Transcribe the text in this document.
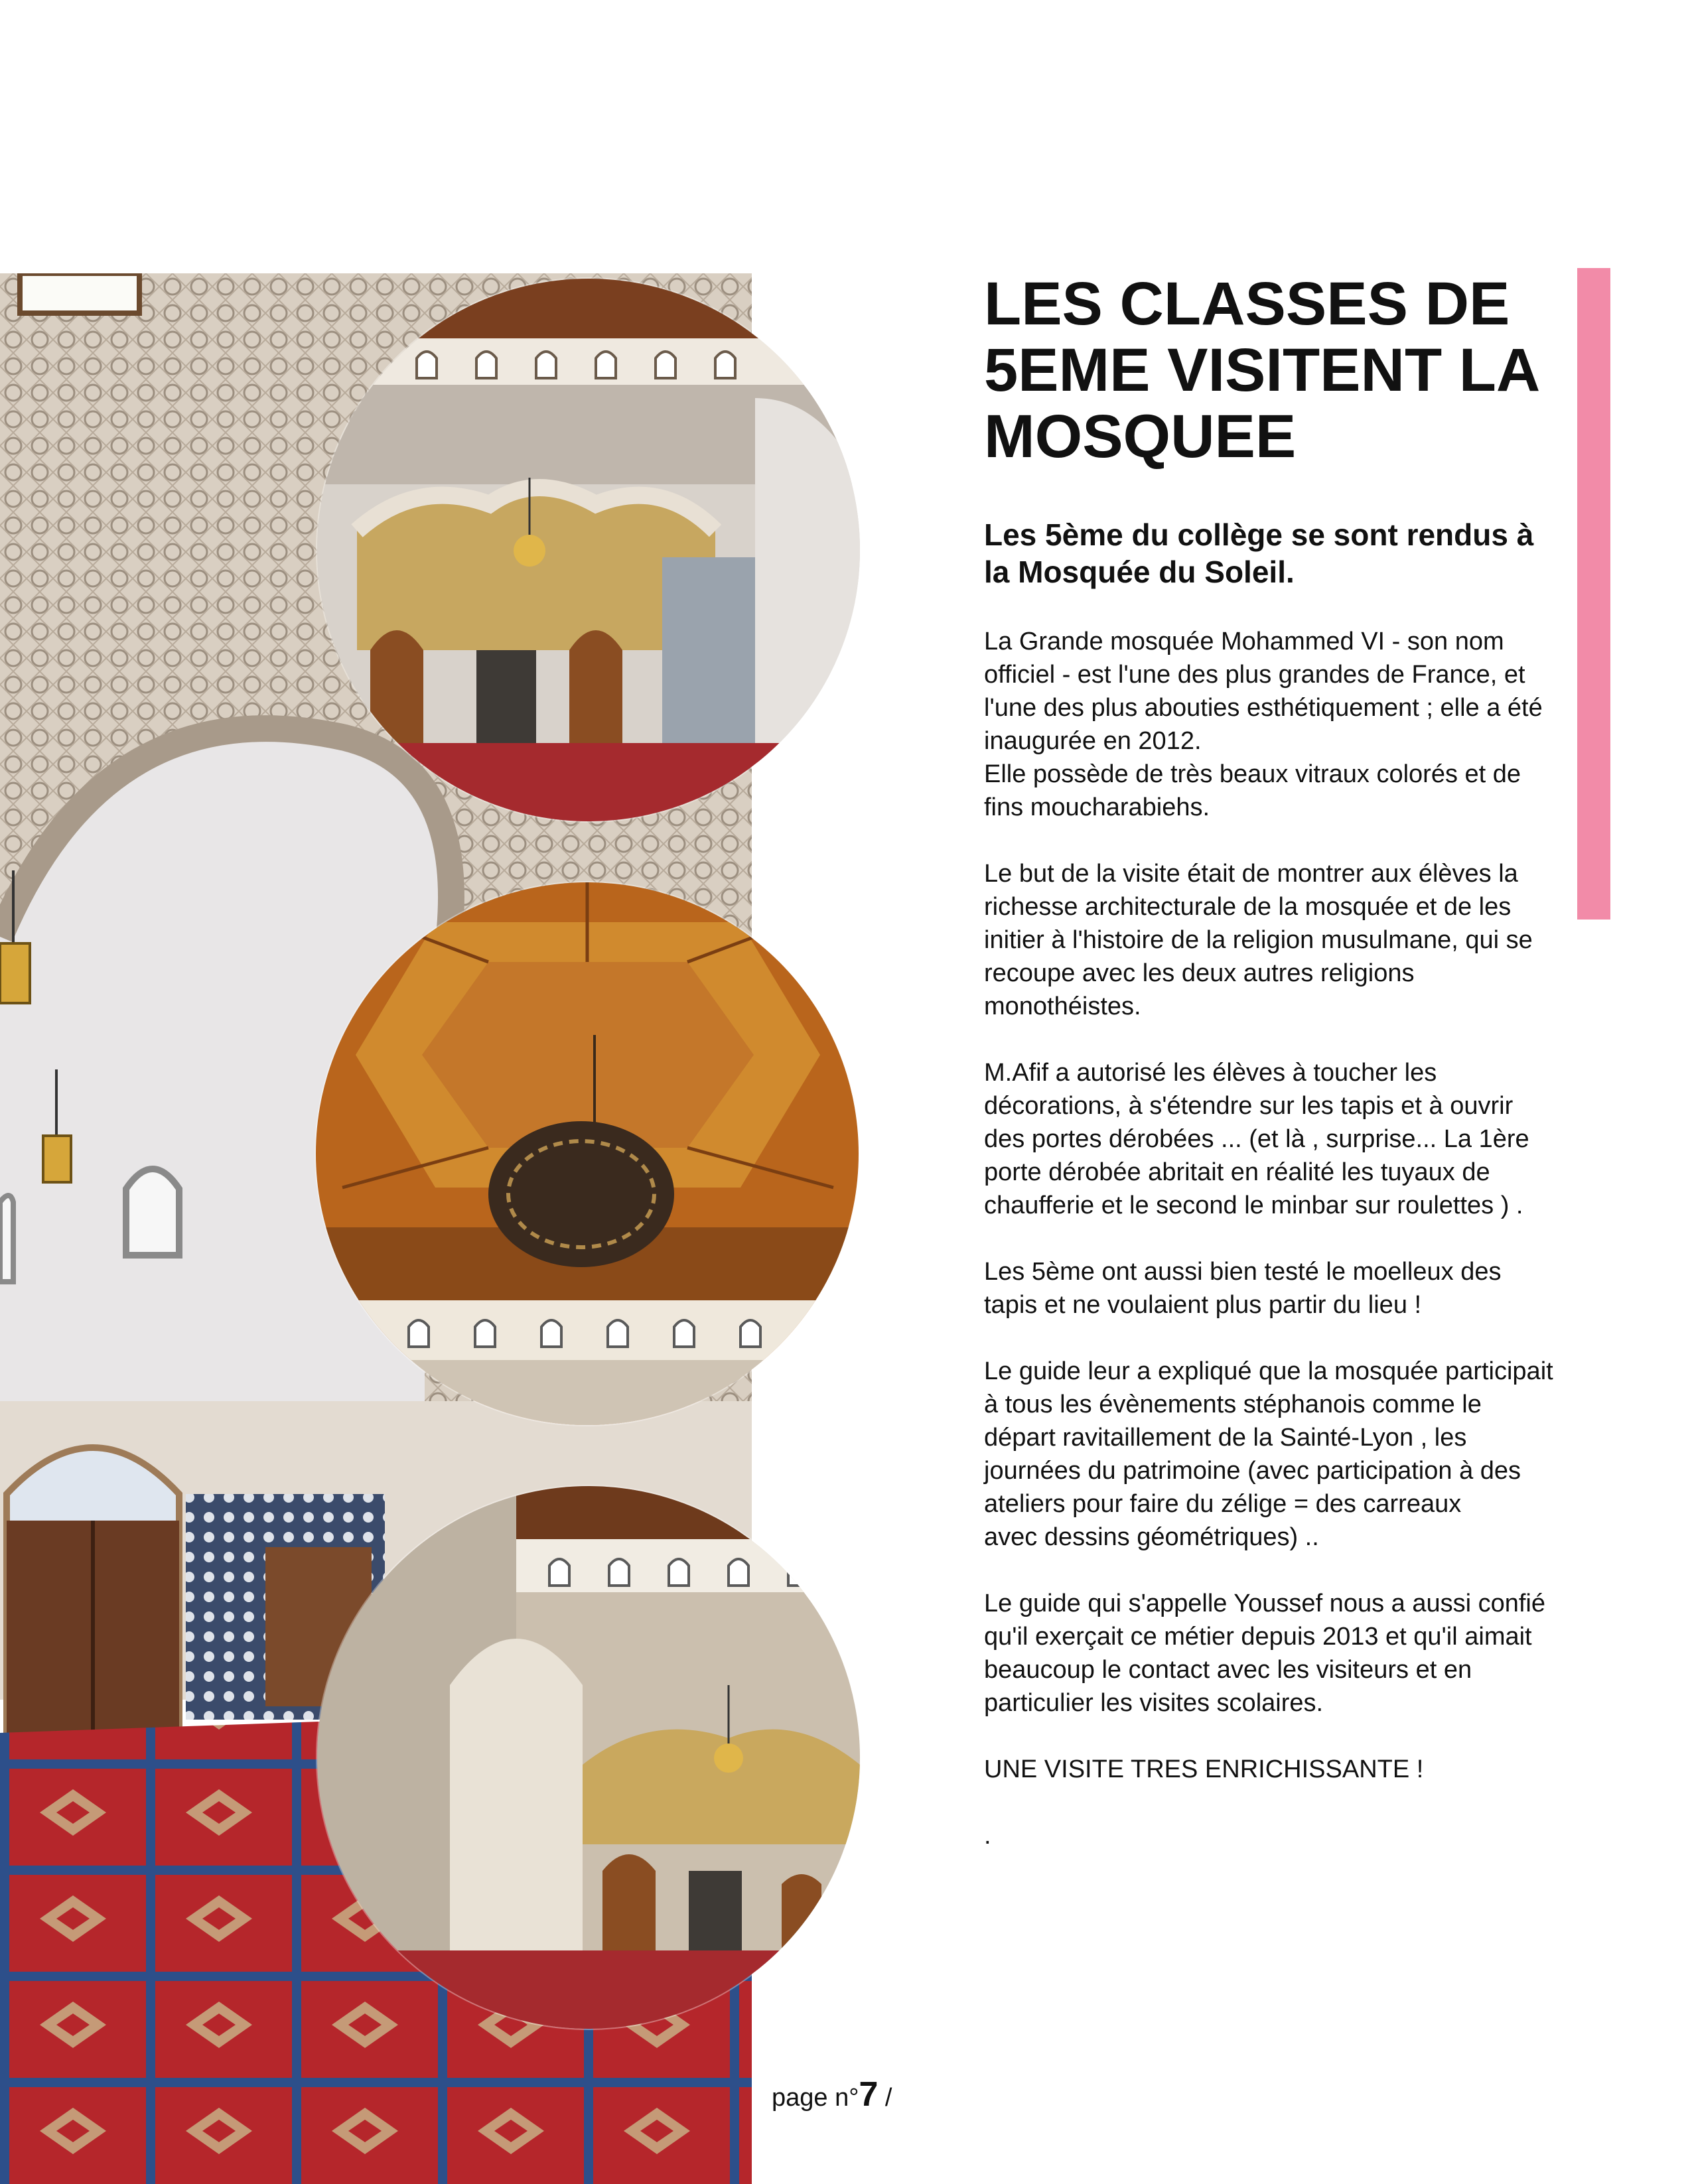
LES CLASSES DE 5EME VISITENT LA MOSQUEE
Les 5ème du collège se sont rendus à la Mosquée du Soleil.

La Grande mosquée Mohammed VI - son nom officiel - est l'une des plus grandes de France, et l'une des plus abouties esthétiquement ; elle a été inaugurée en 2012.
Elle possède de très beaux vitraux colorés et de fins moucharabiehs.

Le but de la visite était de montrer aux élèves la richesse architecturale de la mosquée et de les initier à l'histoire de la religion musulmane, qui se recoupe avec les deux autres religions monothéistes.

M.Afif a autorisé les élèves à toucher les décorations, à s'étendre sur les tapis et à ouvrir des portes dérobées ... (et là , surprise... La 1ère porte dérobée abritait en réalité les tuyaux de chaufferie et le second le minbar sur roulettes ) .

Les 5ème ont aussi bien testé le moelleux des tapis et ne voulaient plus partir du lieu !

Le guide leur a expliqué que la mosquée participait à tous les évènements stéphanois comme le départ ravitaillement de la Sainté-Lyon , les journées du patrimoine (avec participation à des ateliers pour faire du zélige = des carreaux
avec dessins géométriques) ..

Le guide qui s'appelle Youssef nous a aussi confié qu'il exerçait ce métier depuis 2013 et qu'il aimait beaucoup le contact avec les visiteurs et en particulier les visites scolaires.

UNE VISITE TRES ENRICHISSANTE !

.

page n°7 /
